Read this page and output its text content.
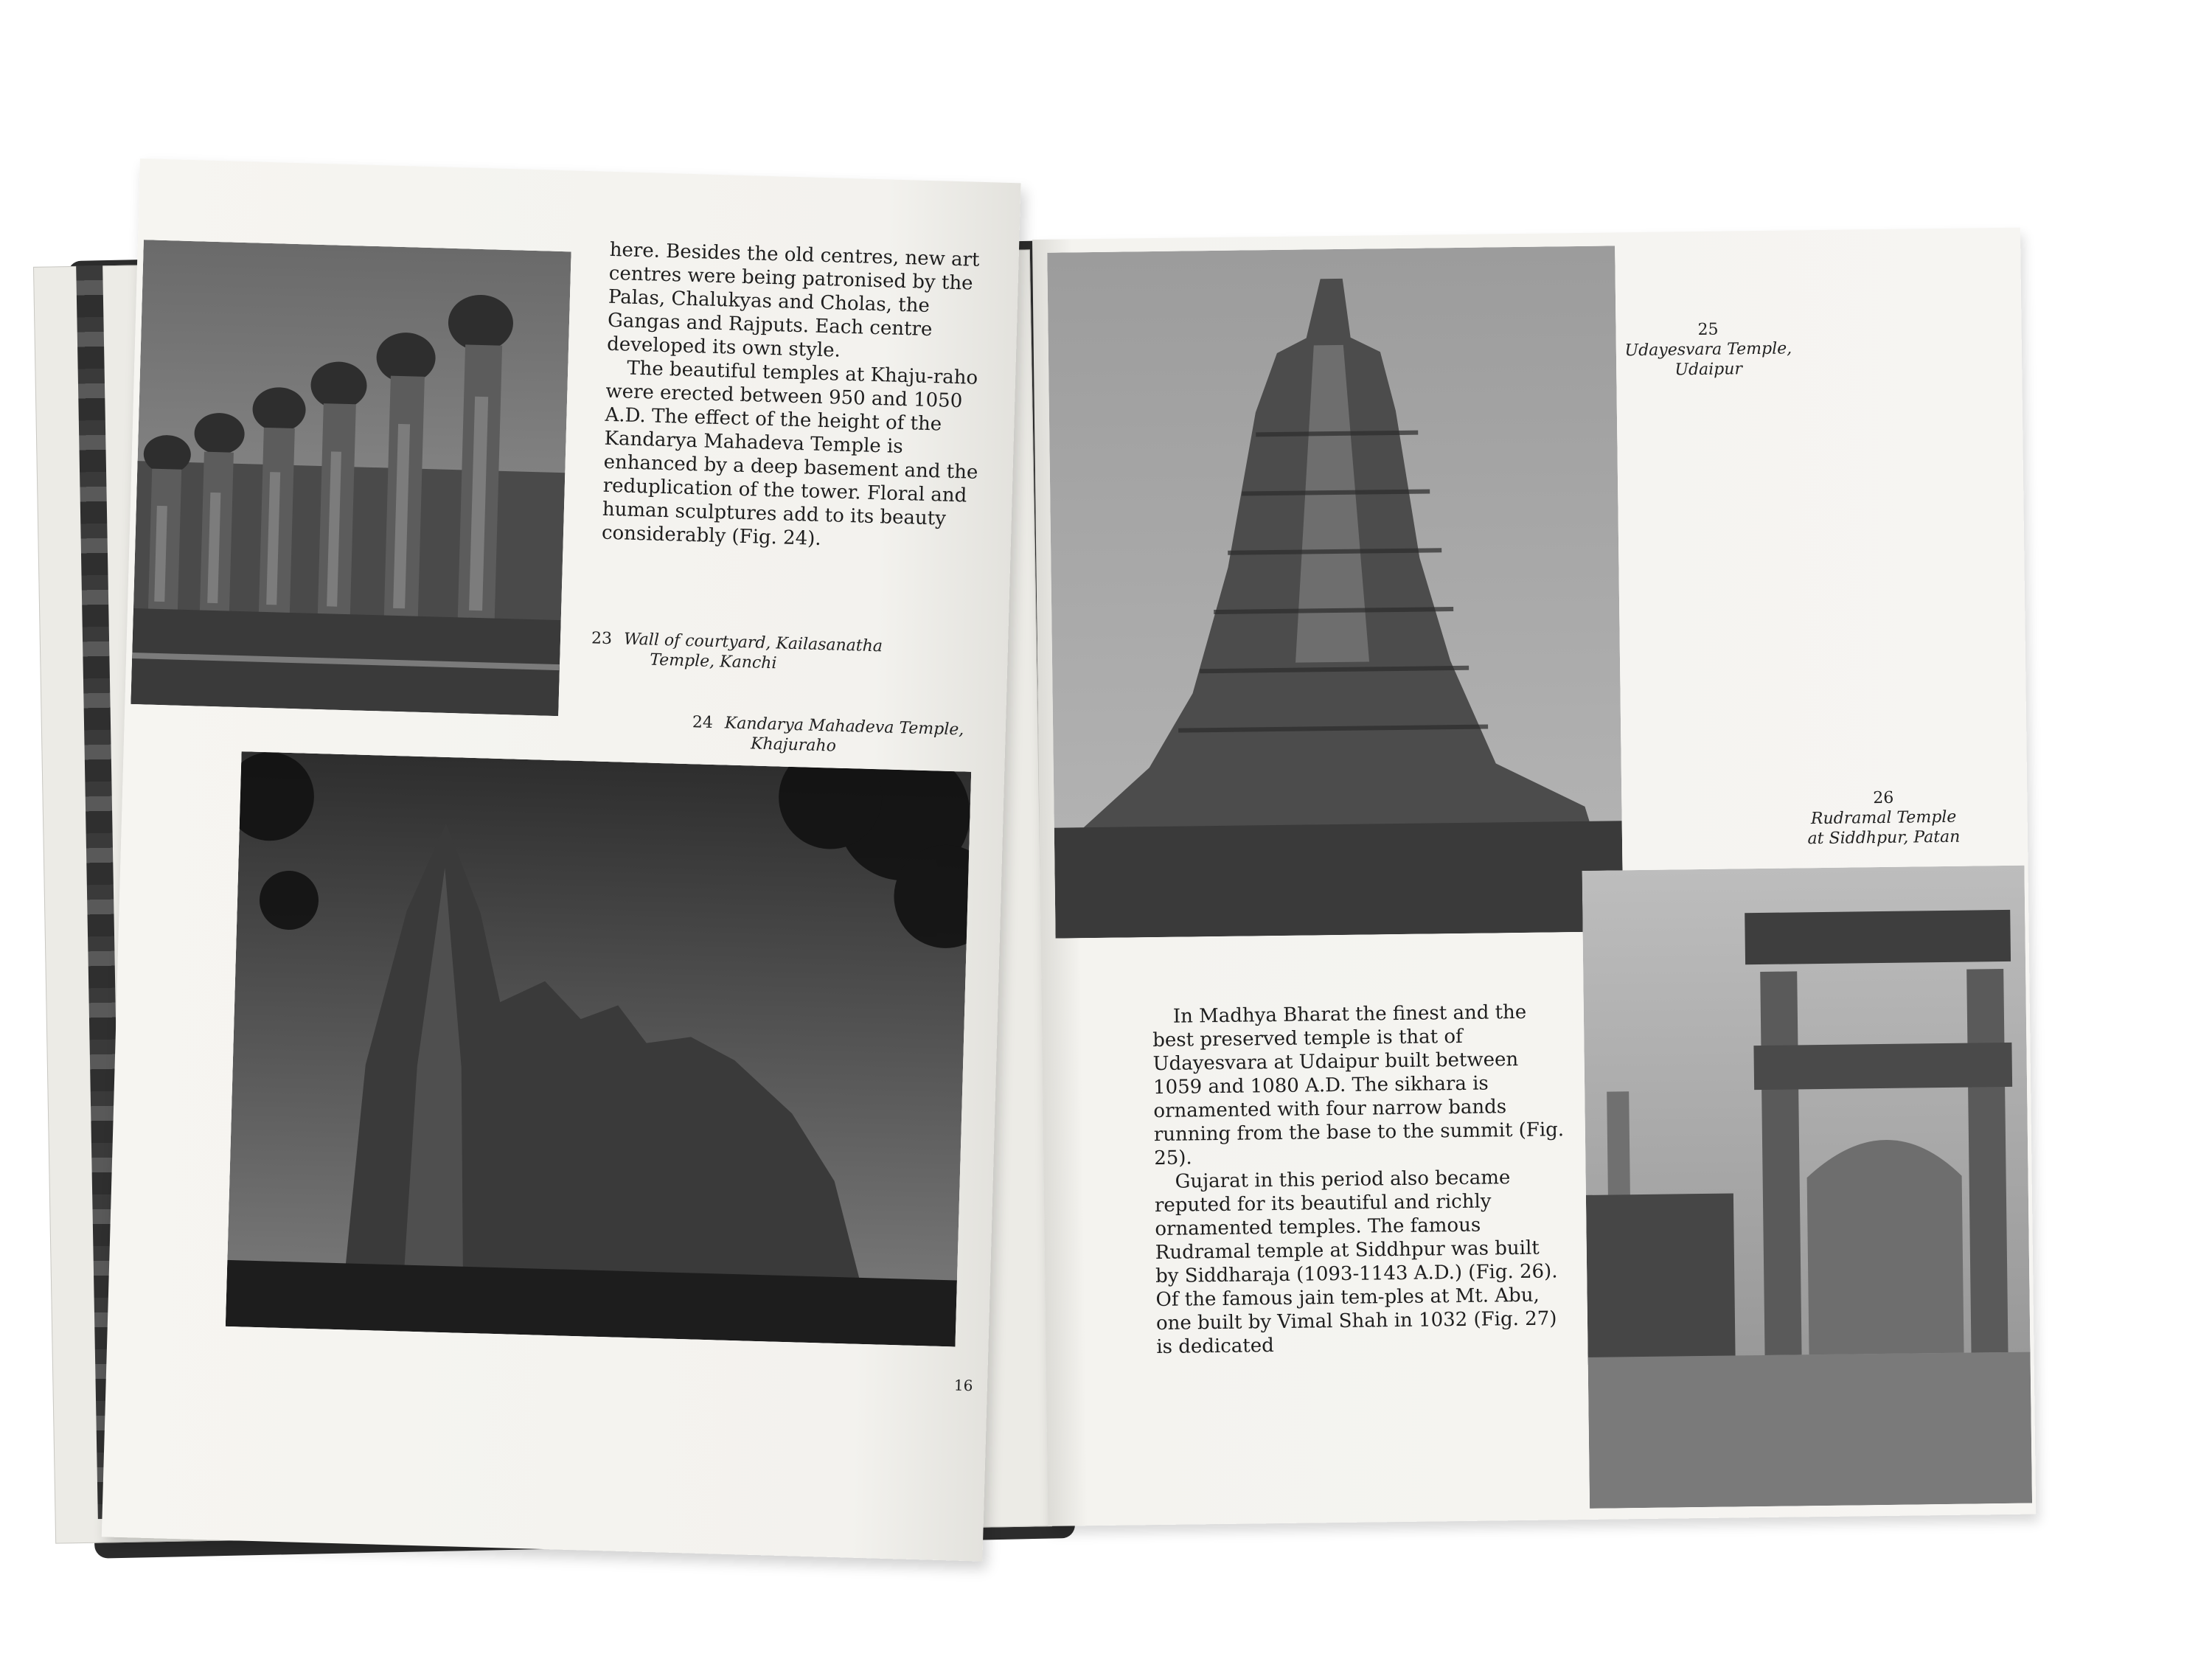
here. Besides the old centres, new art centres were being patronised by the Palas, Chalukyas and Cholas, the Gangas and Rajputs. Each centre developed its own style.

The beautiful temples at Khaju-raho were erected between 950 and 1050 A.D. The effect of the height of the Kandarya Mahadeva Temple is enhanced by a deep basement and the reduplication of the tower. Floral and human sculptures add to its beauty considerably (Fig. 24).

23 Wall of courtyard, Kailasanatha
Temple, Kanchi
24 Kandarya Mahadeva Temple,
Khajuraho
16
25
Udayesvara Temple,
Udaipur
26
Rudramal Temple
at Siddhpur, Patan

In Madhya Bharat the finest and the best preserved temple is that of Udayesvara at Udaipur built between 1059 and 1080 A.D. The sikhara is ornamented with four narrow bands running from the base to the summit (Fig. 25).

Gujarat in this period also became reputed for its beautiful and richly ornamented temples. The famous Rudramal temple at Siddhpur was built by Siddharaja (1093-1143 A.D.) (Fig. 26). Of the famous jain tem-ples at Mt. Abu, one built by Vimal Shah in 1032 (Fig. 27) is dedicated
